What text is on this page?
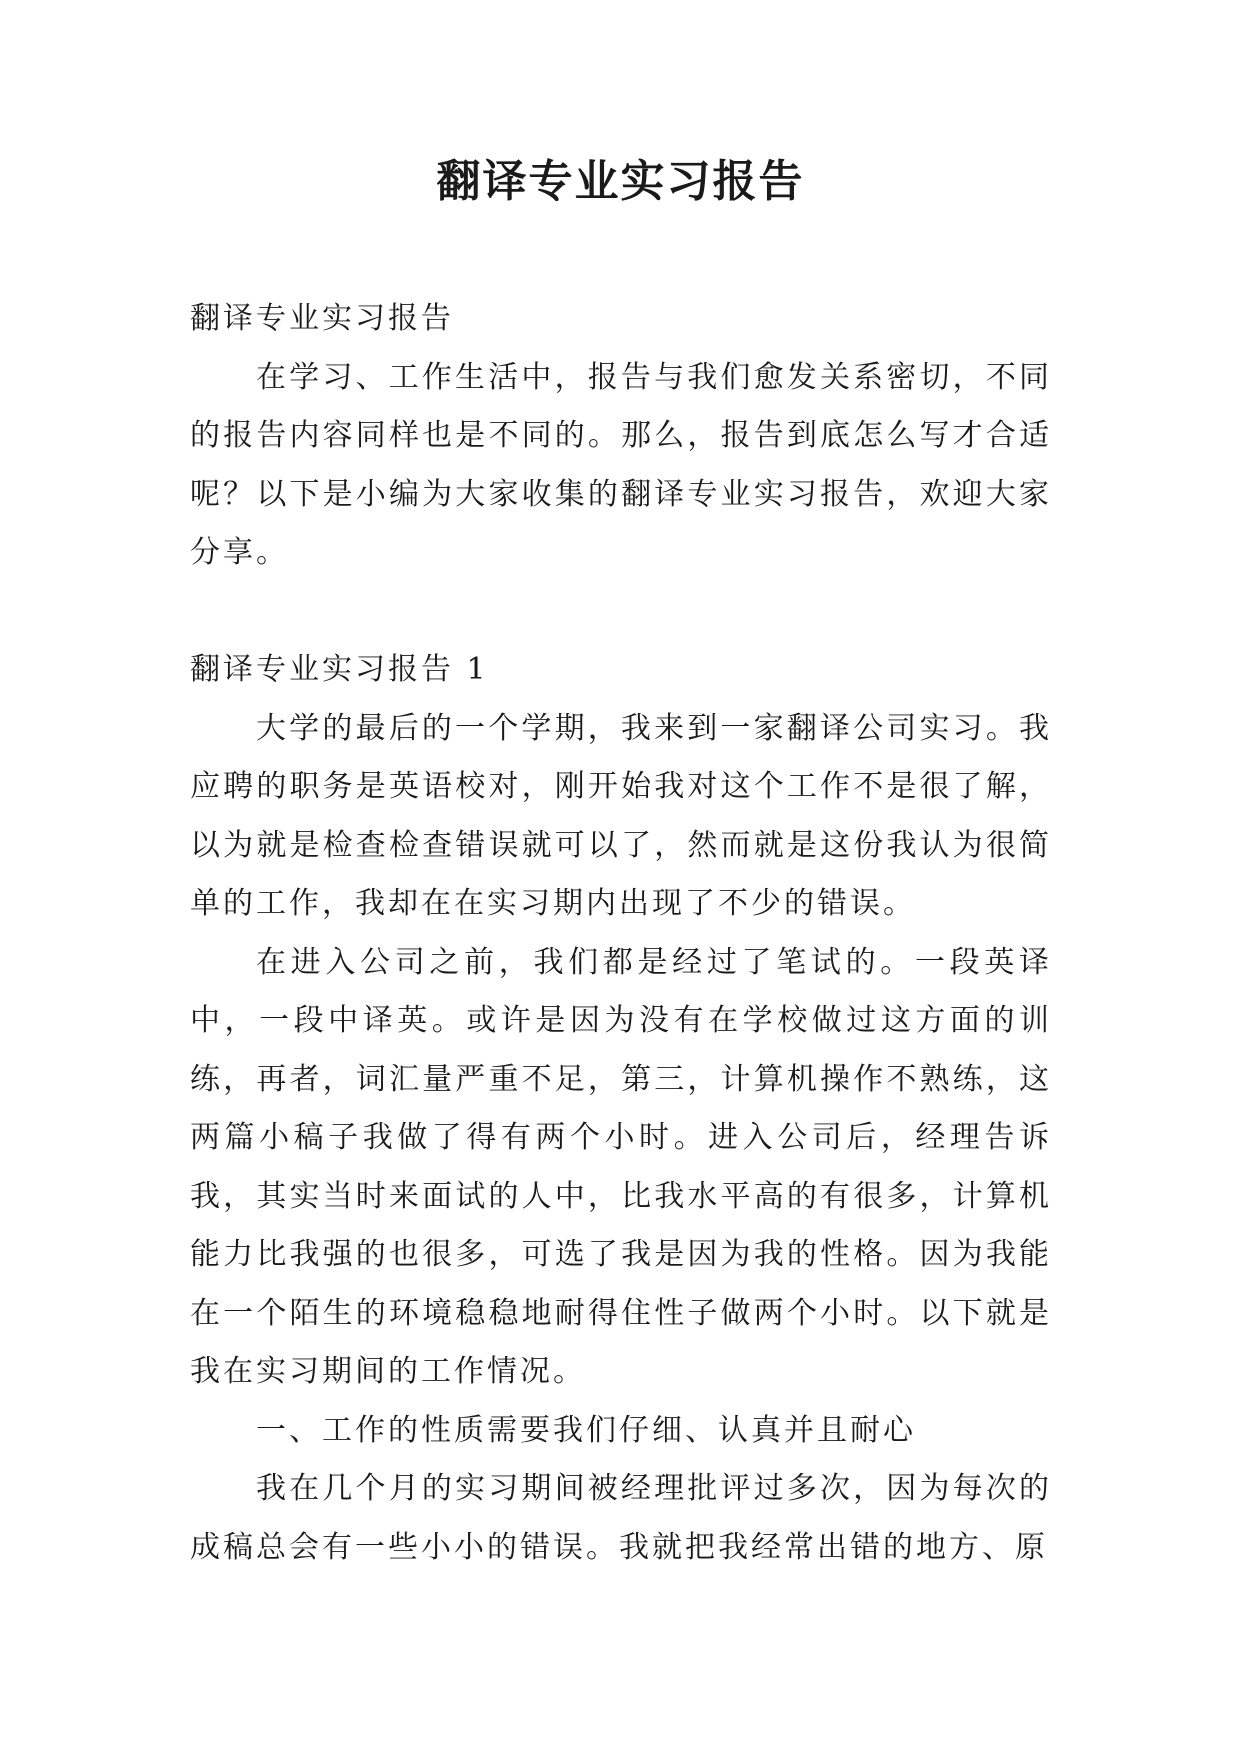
翻译专业实习报告

翻译专业实习报告

在学习、工作生活中，报告与我们愈发关系密切，不同的报告内容同样也是不同的。那么，报告到底怎么写才合适呢？以下是小编为大家收集的翻译专业实习报告，欢迎大家分享。

翻译专业实习报告 1

大学的最后的一个学期，我来到一家翻译公司实习。我应聘的职务是英语校对，刚开始我对这个工作不是很了解，以为就是检查检查错误就可以了，然而就是这份我认为很简单的工作，我却在在实习期内出现了不少的错误。

在进入公司之前，我们都是经过了笔试的。一段英译中，一段中译英。或许是因为没有在学校做过这方面的训练，再者，词汇量严重不足，第三，计算机操作不熟练，这两篇小稿子我做了得有两个小时。进入公司后，经理告诉我，其实当时来面试的人中，比我水平高的有很多，计算机能力比我强的也很多，可选了我是因为我的性格。因为我能在一个陌生的环境稳稳地耐得住性子做两个小时。以下就是我在实习期间的工作情况。

一、工作的性质需要我们仔细、认真并且耐心

我在几个月的实习期间被经理批评过多次，因为每次的成稿总会有一些小小的错误。我就把我经常出错的地方、原
